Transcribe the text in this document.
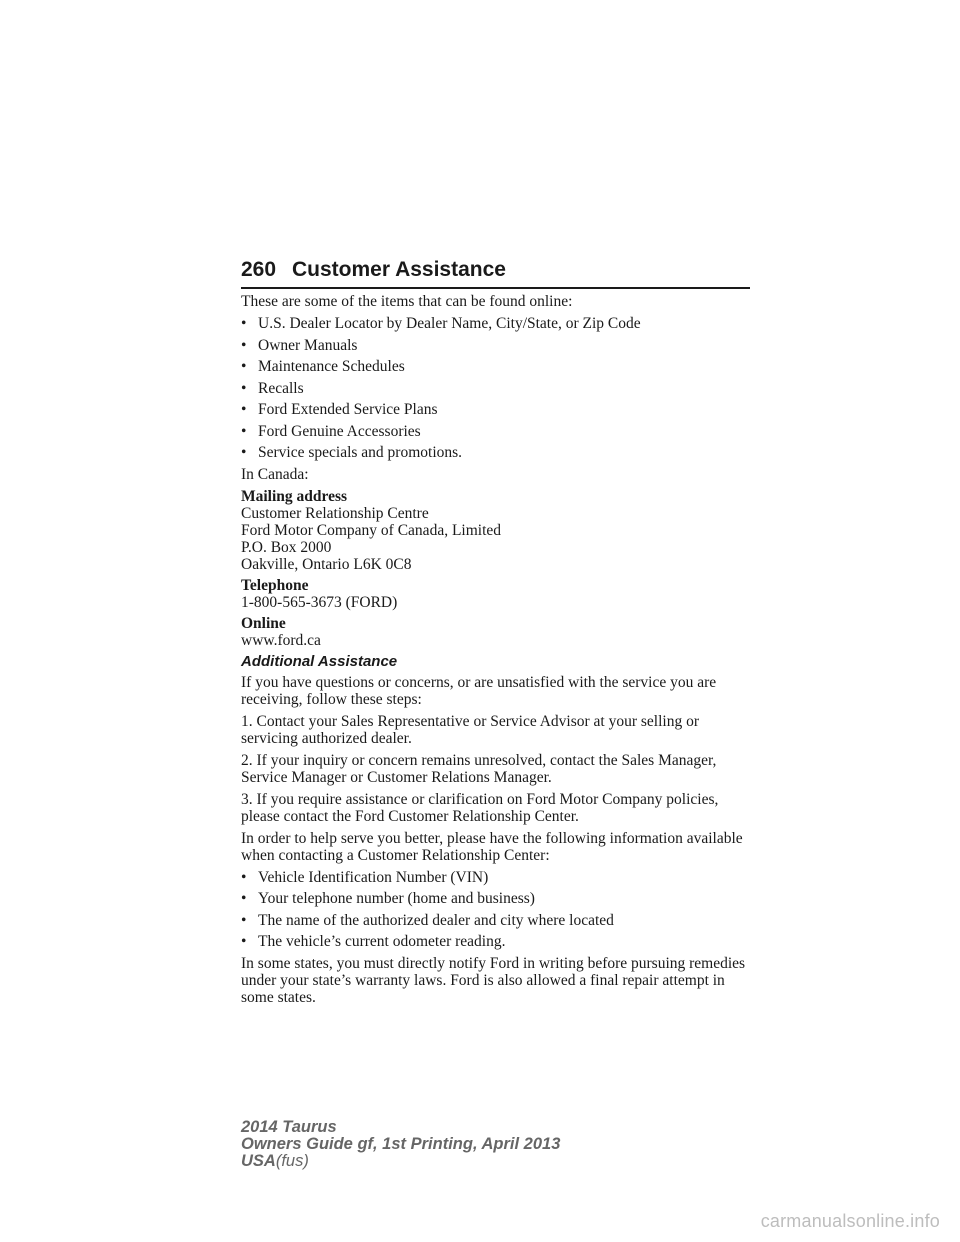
260 Customer Assistance

These are some of the items that can be found online:

• U.S. Dealer Locator by Dealer Name, City/State, or Zip Code
• Owner Manuals
• Maintenance Schedules
• Recalls
• Ford Extended Service Plans
• Ford Genuine Accessories
• Service specials and promotions.

In Canada:

Mailing address
Customer Relationship Centre
Ford Motor Company of Canada, Limited
P.O. Box 2000
Oakville, Ontario L6K 0C8
Telephone
1-800-565-3673 (FORD)
Online
www.ford.ca
Additional Assistance

If you have questions or concerns, or are unsatisfied with the service you are receiving, follow these steps:

1. Contact your Sales Representative or Service Advisor at your selling or servicing authorized dealer.

2. If your inquiry or concern remains unresolved, contact the Sales Manager, Service Manager or Customer Relations Manager.

3. If you require assistance or clarification on Ford Motor Company policies, please contact the Ford Customer Relationship Center.

In order to help serve you better, please have the following information available when contacting a Customer Relationship Center:

• Vehicle Identification Number (VIN)
• Your telephone number (home and business)
• The name of the authorized dealer and city where located
• The vehicle’s current odometer reading.

In some states, you must directly notify Ford in writing before pursuing remedies under your state’s warranty laws. Ford is also allowed a final repair attempt in some states.

2014 Taurus
Owners Guide gf, 1st Printing, April 2013
USA(fus)
carmanualsonline.info
